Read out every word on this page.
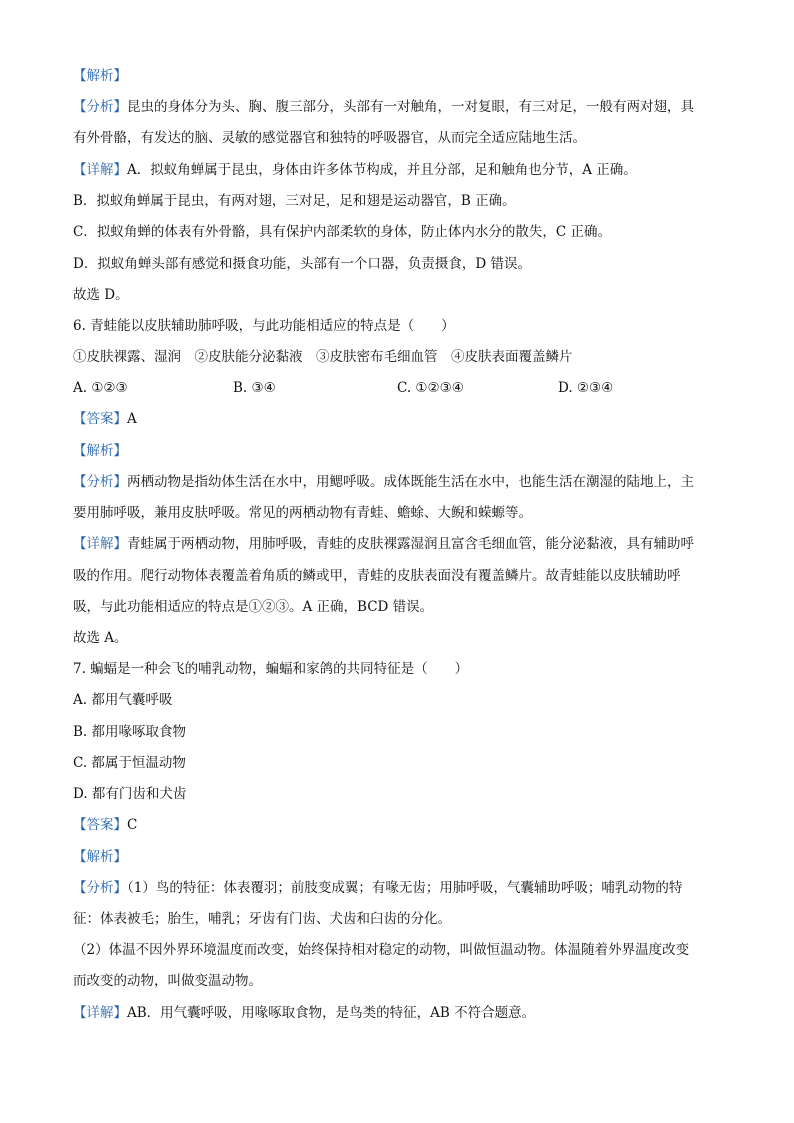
【解析】
【分析】昆虫的身体分为头、胸、腹三部分，头部有一对触角，一对复眼，有三对足，一般有两对翅，具
有外骨骼，有发达的脑、灵敏的感觉器官和独特的呼吸器官，从而完全适应陆地生活。
【详解】A．拟蚁角蝉属于昆虫，身体由许多体节构成，并且分部，足和触角也分节，A 正确。
B．拟蚁角蝉属于昆虫，有两对翅，三对足，足和翅是运动器官，B 正确。
C．拟蚁角蝉的体表有外骨骼，具有保护内部柔软的身体，防止体内水分的散失，C 正确。
D．拟蚁角蝉头部有感觉和摄食功能，头部有一个口器，负责摄食，D 错误。
故选 D。
6. 青蛙能以皮肤辅助肺呼吸，与此功能相适应的特点是（　　）
①皮肤裸露、湿润　②皮肤能分泌黏液　③皮肤密布毛细血管　④皮肤表面覆盖鳞片
A. ①②③	B. ③④	C. ①②③④	D. ②③④
【答案】A
【解析】
【分析】两栖动物是指幼体生活在水中，用鳃呼吸。成体既能生活在水中，也能生活在潮湿的陆地上，主
要用肺呼吸，兼用皮肤呼吸。常见的两栖动物有青蛙、蟾蜍、大鲵和蝾螈等。
【详解】青蛙属于两栖动物，用肺呼吸，青蛙的皮肤裸露湿润且富含毛细血管，能分泌黏液，具有辅助呼
吸的作用。爬行动物体表覆盖着角质的鳞或甲，青蛙的皮肤表面没有覆盖鳞片。故青蛙能以皮肤辅助呼
吸，与此功能相适应的特点是①②③。A 正确，BCD 错误。
故选 A。
7. 蝙蝠是一种会飞的哺乳动物，蝙蝠和家鸽的共同特征是（　　）
A. 都用气囊呼吸
B. 都用喙啄取食物
C. 都属于恒温动物
D. 都有门齿和犬齿
【答案】C
【解析】
【分析】（1）鸟的特征：体表覆羽；前肢变成翼；有喙无齿；用肺呼吸，气囊辅助呼吸；哺乳动物的特
征：体表被毛；胎生，哺乳；牙齿有门齿、犬齿和臼齿的分化。
（2）体温不因外界环境温度而改变，始终保持相对稳定的动物，叫做恒温动物。体温随着外界温度改变
而改变的动物，叫做变温动物。
【详解】AB．用气囊呼吸，用喙啄取食物，是鸟类的特征，AB 不符合题意。
